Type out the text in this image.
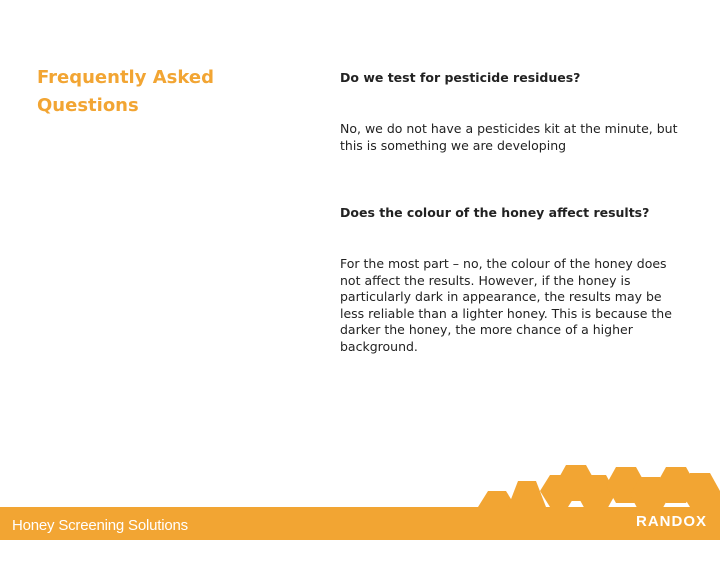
Frequently Asked Questions

Do we test for pesticide residues?

No, we do not have a pesticides kit at the minute, but this is something we are developing

Does the colour of the honey affect results?

For the most part – no, the colour of the honey does not affect the results. However, if the honey is particularly dark in appearance, the results may be less reliable than a lighter honey. This is because the darker the honey, the more chance of a higher background.

Honey Screening Solutions	RANDOX
